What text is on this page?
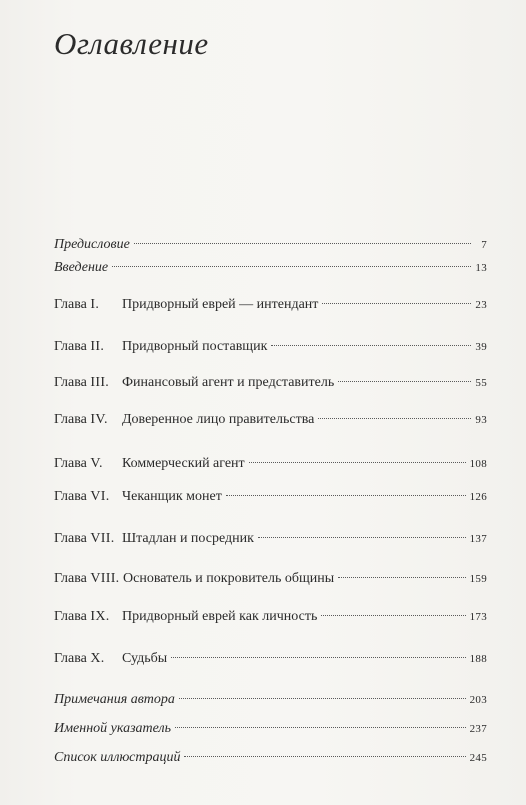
Оглавление
Предисловие	7
Введение	13
Глава I.	Придворный еврей — интендант	23
Глава II.	Придворный поставщик	39
Глава III. Финансовый агент и представитель	55
Глава IV.	Доверенное лицо правительства	93
Глава V.	Коммерческий агент	108
Глава VI. Чеканщик монет	126
Глава VII. Штадлан и посредник	137
Глава VIII. Основатель и покровитель общины	159
Глава IX. Придворный еврей как личность	173
Глава X.	Судьбы	188
Примечания автора	203
Именной указатель	237
Список иллюстраций	245
